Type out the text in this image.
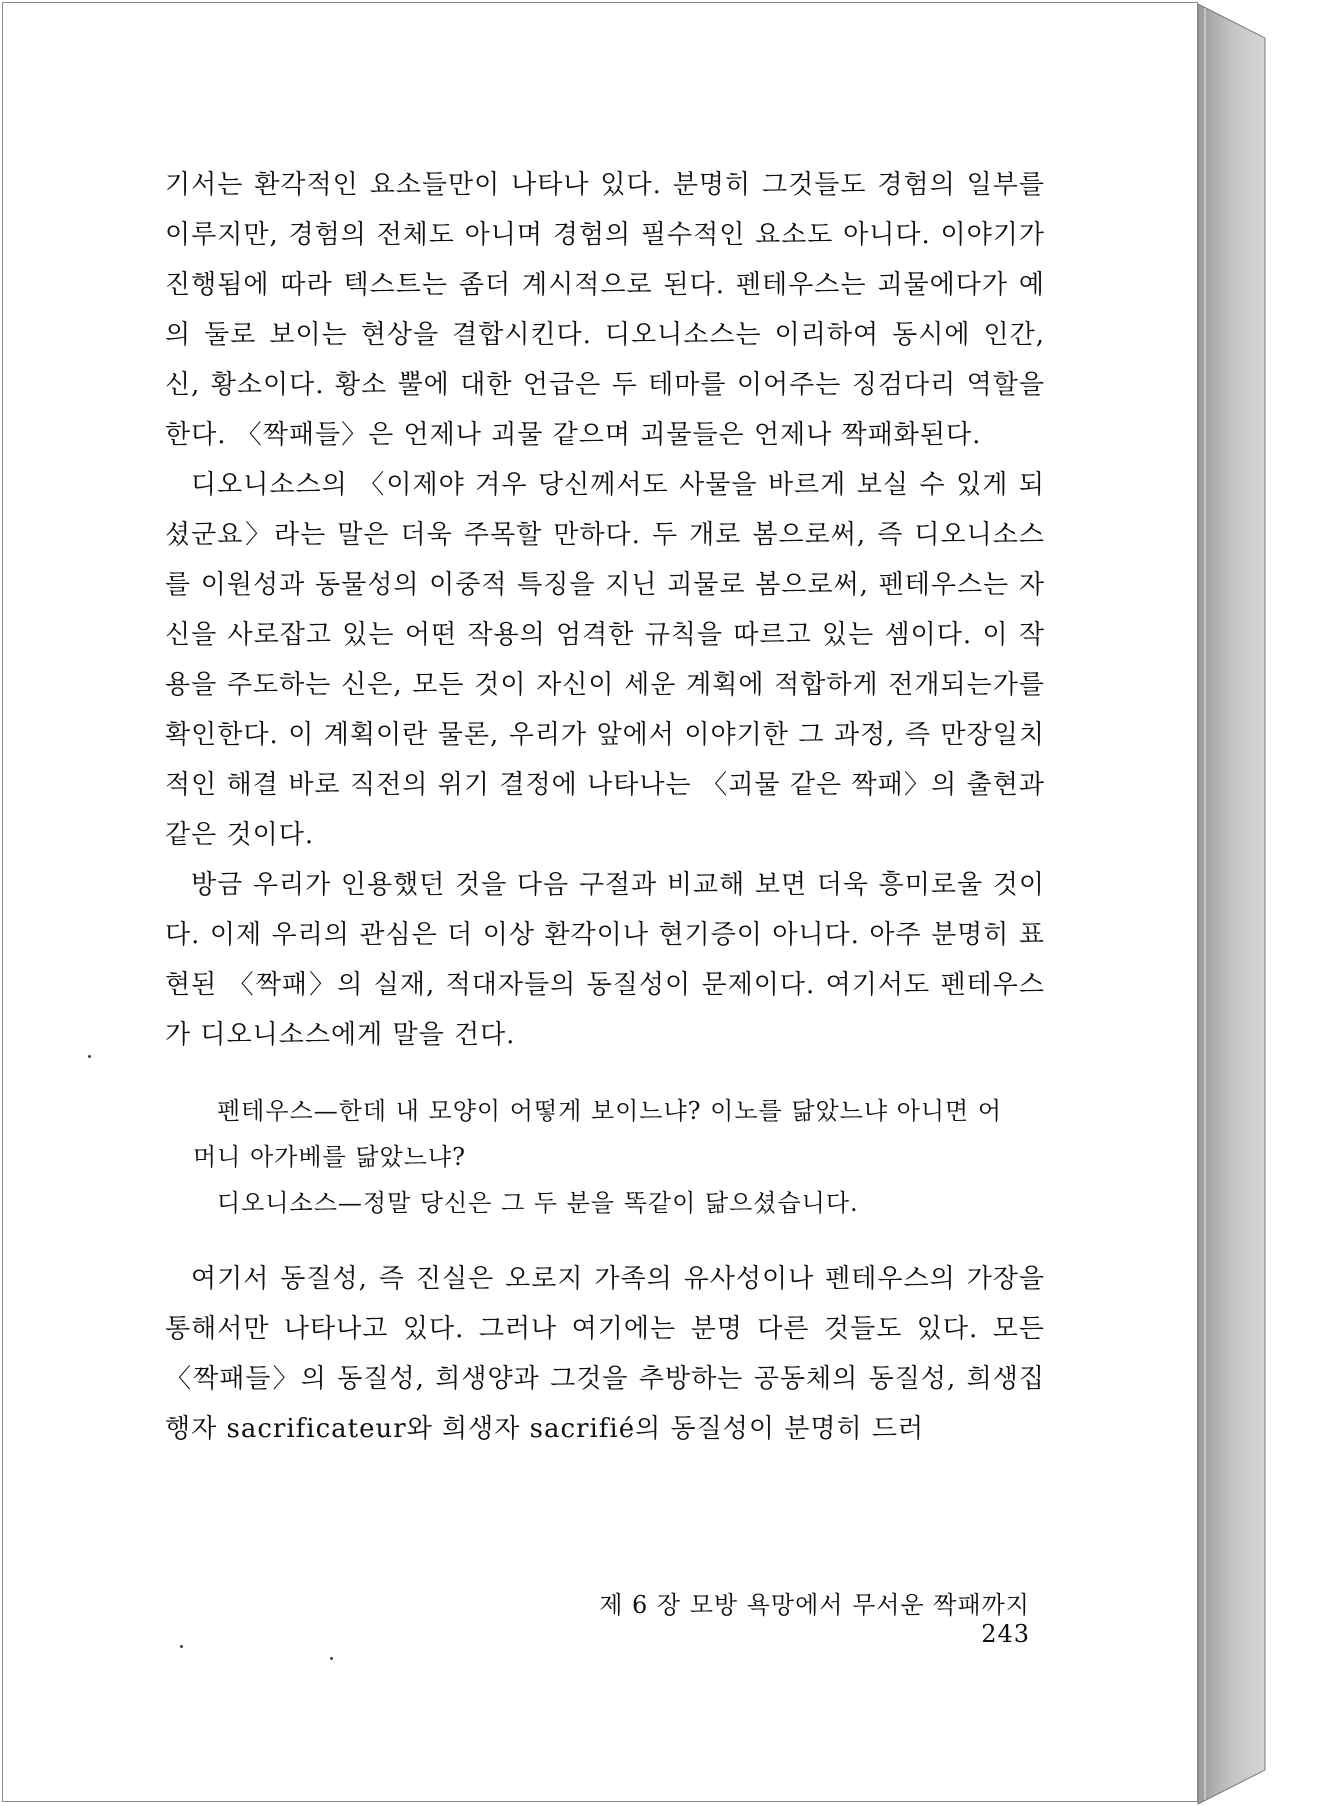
기서는 환각적인 요소들만이 나타나 있다. 분명히 그것들도 경험의 일부를 이루지만, 경험의 전체도 아니며 경험의 필수적인 요소도 아니다. 이야기가 진행됨에 따라 텍스트는 좀더 계시적으로 된다. 펜테우스는 괴물에다가 예의 둘로 보이는 현상을 결합시킨다. 디오니소스는 이리하여 동시에 인간, 신, 황소이다. 황소 뿔에 대한 언급은 두 테마를 이어주는 징검다리 역할을 한다. 〈짝패들〉은 언제나 괴물 같으며 괴물들은 언제나 짝패화된다.

디오니소스의 〈이제야 겨우 당신께서도 사물을 바르게 보실 수 있게 되셨군요〉라는 말은 더욱 주목할 만하다. 두 개로 봄으로써, 즉 디오니소스를 이원성과 동물성의 이중적 특징을 지닌 괴물로 봄으로써, 펜테우스는 자신을 사로잡고 있는 어떤 작용의 엄격한 규칙을 따르고 있는 셈이다. 이 작용을 주도하는 신은, 모든 것이 자신이 세운 계획에 적합하게 전개되는가를 확인한다. 이 계획이란 물론, 우리가 앞에서 이야기한 그 과정, 즉 만장일치적인 해결 바로 직전의 위기 결정에 나타나는 〈괴물 같은 짝패〉의 출현과 같은 것이다.

방금 우리가 인용했던 것을 다음 구절과 비교해 보면 더욱 흥미로울 것이다. 이제 우리의 관심은 더 이상 환각이나 현기증이 아니다. 아주 분명히 표현된 〈짝패〉의 실재, 적대자들의 동질성이 문제이다. 여기서도 펜테우스가 디오니소스에게 말을 건다.

펜테우스—한데 내 모양이 어떻게 보이느냐? 이노를 닮았느냐 아니면 어

머니 아가베를 닮았느냐?

디오니소스—정말 당신은 그 두 분을 똑같이 닮으셨습니다.

여기서 동질성, 즉 진실은 오로지 가족의 유사성이나 펜테우스의 가장을 통해서만 나타나고 있다. 그러나 여기에는 분명 다른 것들도 있다. 모든 〈짝패들〉의 동질성, 희생양과 그것을 추방하는 공동체의 동질성, 희생집행자 sacrificateur와 희생자 sacrifié의 동질성이 분명히 드러

제 6 장 모방 욕망에서 무서운 짝패까지243
